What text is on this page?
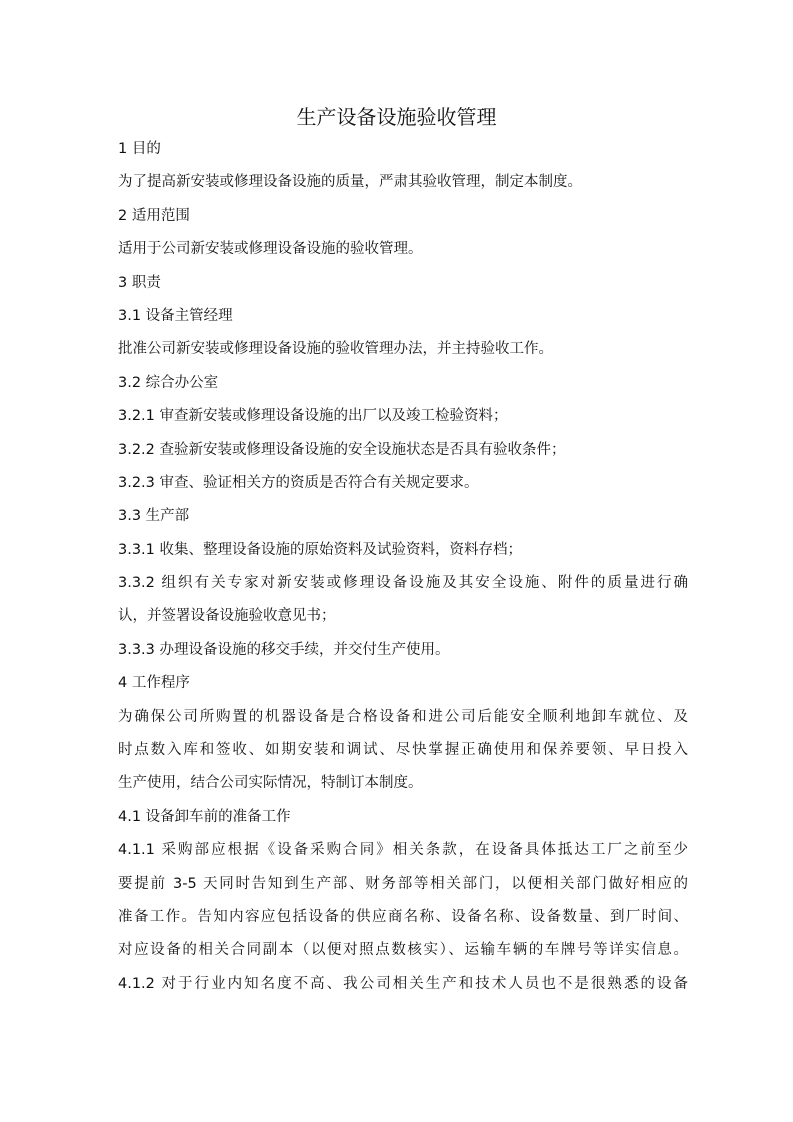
生产设备设施验收管理
1 目的
为了提高新安装或修理设备设施的质量，严肃其验收管理，制定本制度。
2 适用范围
适用于公司新安装或修理设备设施的验收管理。
3 职责
3.1 设备主管经理
批准公司新安装或修理设备设施的验收管理办法，并主持验收工作。
3.2 综合办公室
3.2.1 审查新安装或修理设备设施的出厂以及竣工检验资料；
3.2.2 查验新安装或修理设备设施的安全设施状态是否具有验收条件；
3.2.3 审查、验证相关方的资质是否符合有关规定要求。
3.3 生产部
3.3.1 收集、整理设备设施的原始资料及试验资料，资料存档；
3.3.2 组织有关专家对新安装或修理设备设施及其安全设施、附件的质量进行确
认，并签署设备设施验收意见书；
3.3.3 办理设备设施的移交手续，并交付生产使用。
4 工作程序
为确保公司所购置的机器设备是合格设备和进公司后能安全顺利地卸车就位、及
时点数入库和签收、如期安装和调试、尽快掌握正确使用和保养要领、早日投入
生产使用，结合公司实际情况，特制订本制度。
4.1 设备卸车前的准备工作
4.1.1 采购部应根据《设备采购合同》相关条款，在设备具体抵达工厂之前至少
要提前 3-5 天同时告知到生产部、财务部等相关部门，以便相关部门做好相应的
准备工作。告知内容应包括设备的供应商名称、设备名称、设备数量、到厂时间、
对应设备的相关合同副本（以便对照点数核实）、运输车辆的车牌号等详实信息。
4.1.2 对于行业内知名度不高、我公司相关生产和技术人员也不是很熟悉的设备
